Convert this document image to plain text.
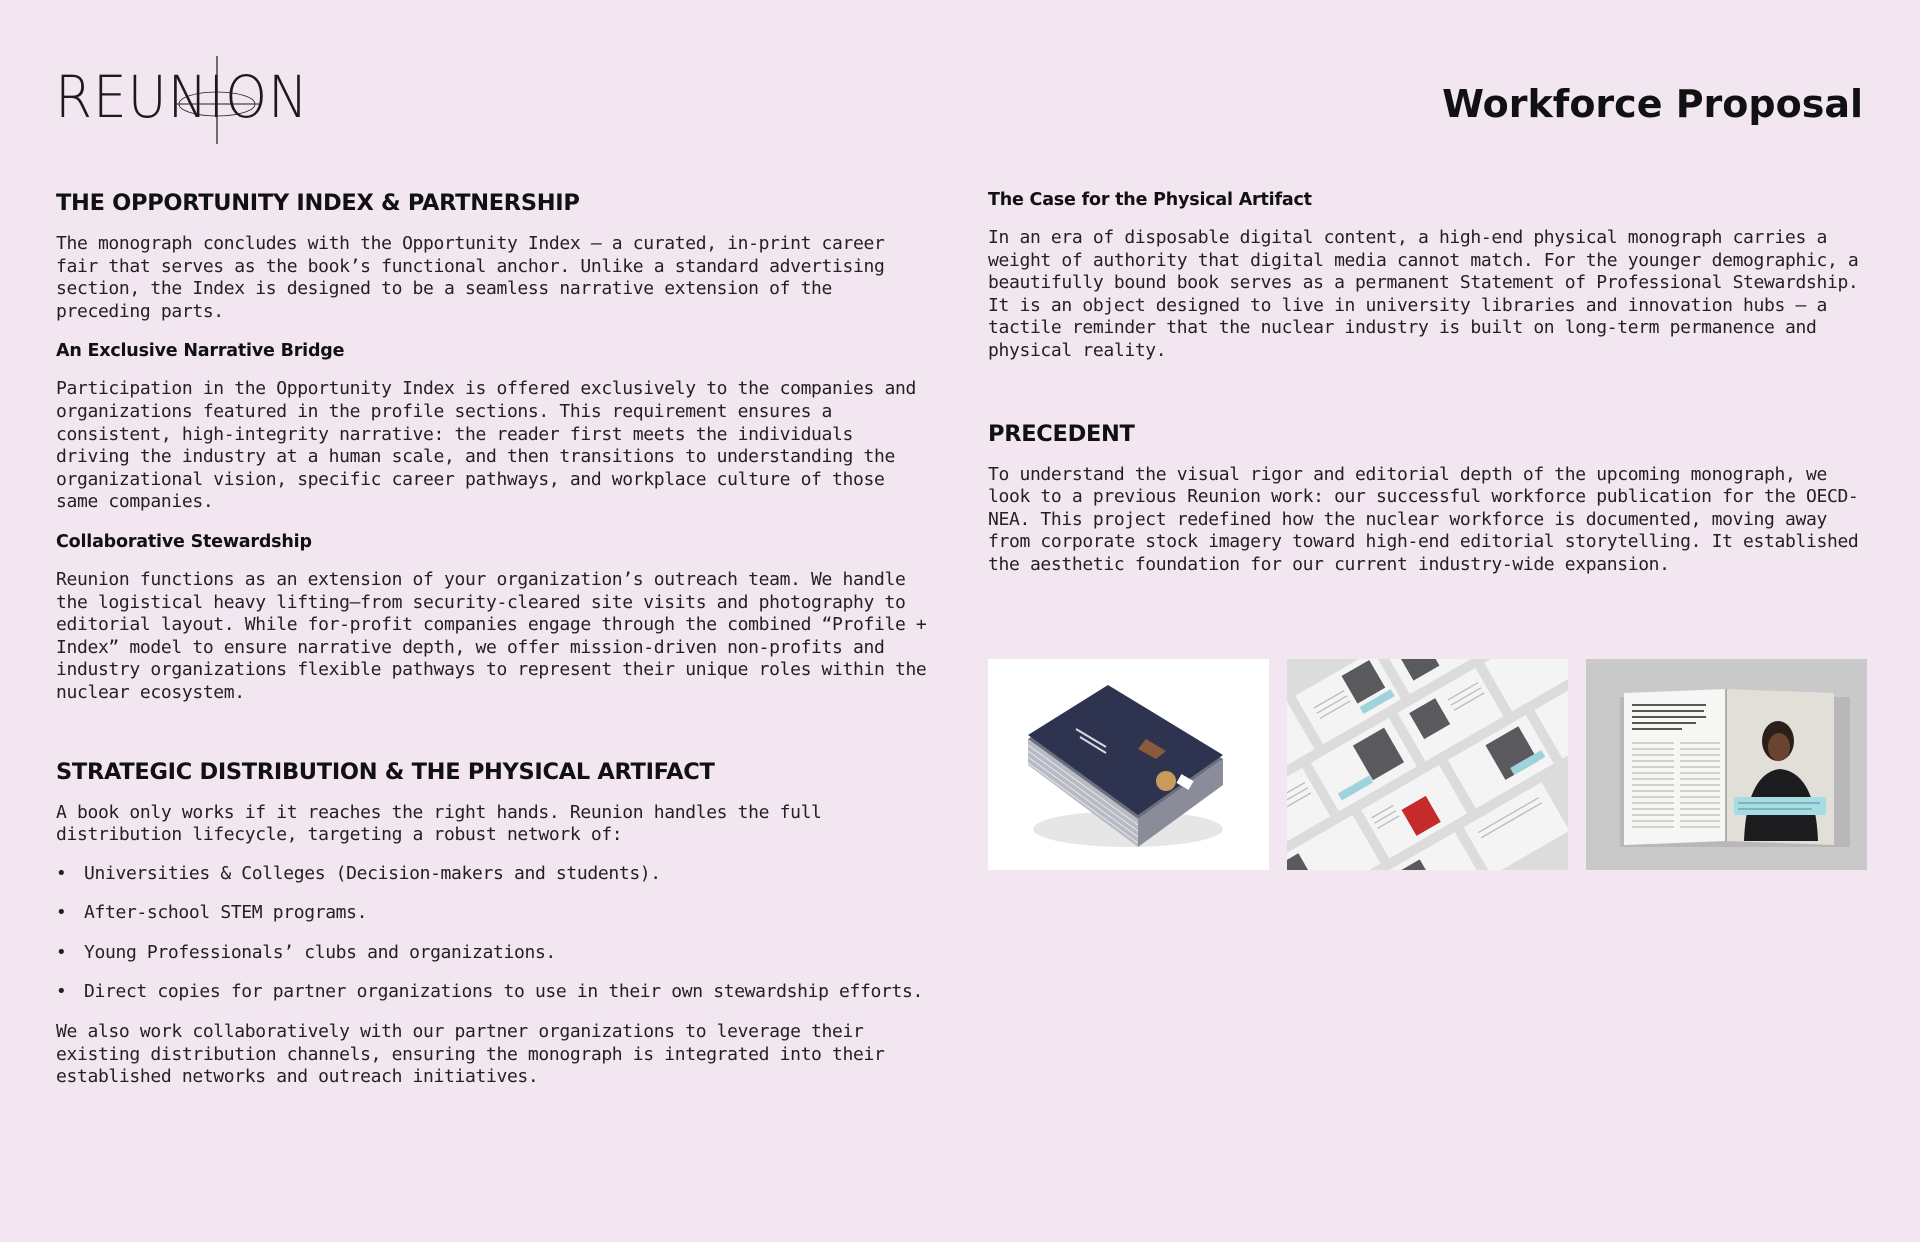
REUNION	Workforce Proposal
THE OPPORTUNITY INDEX & PARTNERSHIP

The monograph concludes with the Opportunity Index — a curated, in-print career fair that serves as the book’s functional anchor. Unlike a standard advertising section, the Index is designed to be a seamless narrative extension of the preceding parts.

An Exclusive Narrative Bridge

Participation in the Opportunity Index is offered exclusively to the companies and organizations featured in the profile sections. This requirement ensures a consistent, high-integrity narrative: the reader first meets the individuals driving the industry at a human scale, and then transitions to understanding the organizational vision, specific career pathways, and workplace culture of those same companies.

Collaborative Stewardship

Reunion functions as an extension of your organization’s outreach team. We handle the logistical heavy lifting—from security-cleared site visits and photography to editorial layout. While for-profit companies engage through the combined “Profile + Index” model to ensure narrative depth, we offer mission-driven non-profits and industry organizations flexible pathways to represent their unique roles within the nuclear ecosystem.

STRATEGIC DISTRIBUTION & THE PHYSICAL ARTIFACT

A book only works if it reaches the right hands. Reunion handles the full distribution lifecycle, targeting a robust network of:

• Universities & Colleges (Decision-makers and students).
• After-school STEM programs.
• Young Professionals’ clubs and organizations.
• Direct copies for partner organizations to use in their own stewardship efforts.

We also work collaboratively with our partner organizations to leverage their existing distribution channels, ensuring the monograph is integrated into their established networks and outreach initiatives.

The Case for the Physical Artifact

In an era of disposable digital content, a high-end physical monograph carries a weight of authority that digital media cannot match. For the younger demographic, a beautifully bound book serves as a permanent Statement of Professional Stewardship. It is an object designed to live in university libraries and innovation hubs — a tactile reminder that the nuclear industry is built on long-term permanence and physical reality.

PRECEDENT

To understand the visual rigor and editorial depth of the upcoming monograph, we look to a previous Reunion work: our successful workforce publication for the OECD-NEA. This project redefined how the nuclear workforce is documented, moving away from corporate stock imagery toward high-end editorial storytelling. It established the aesthetic foundation for our current industry-wide expansion.
